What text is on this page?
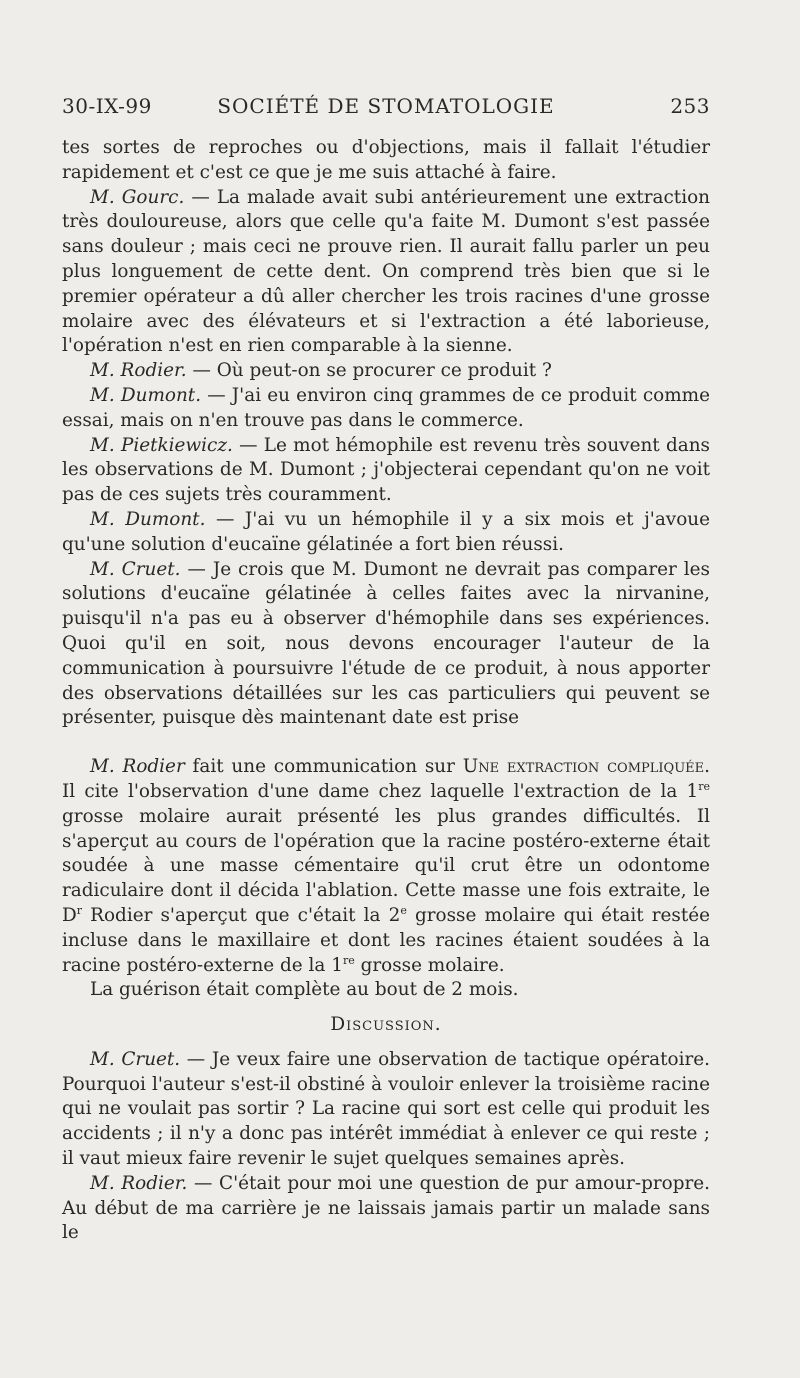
30-IX-99	SOCIÉTÉ DE STOMATOLOGIE	253

tes sortes de reproches ou d'objections, mais il fallait l'étudier rapidement et c'est ce que je me suis attaché à faire.

M. Gourc. — La malade avait subi antérieurement une extraction très douloureuse, alors que celle qu'a faite M. Dumont s'est passée sans douleur ; mais ceci ne prouve rien. Il aurait fallu parler un peu plus longuement de cette dent. On comprend très bien que si le premier opérateur a dû aller chercher les trois racines d'une grosse molaire avec des élévateurs et si l'extraction a été laborieuse, l'opération n'est en rien comparable à la sienne.

M. Rodier. — Où peut-on se procurer ce produit ?

M. Dumont. — J'ai eu environ cinq grammes de ce produit comme essai, mais on n'en trouve pas dans le commerce.

M. Pietkiewicz. — Le mot hémophile est revenu très souvent dans les observations de M. Dumont ; j'objecterai cependant qu'on ne voit pas de ces sujets très couramment.

M. Dumont. — J'ai vu un hémophile il y a six mois et j'avoue qu'une solution d'eucaïne gélatinée a fort bien réussi.

M. Cruet. — Je crois que M. Dumont ne devrait pas comparer les solutions d'eucaïne gélatinée à celles faites avec la nirvanine, puisqu'il n'a pas eu à observer d'hémophile dans ses expériences. Quoi qu'il en soit, nous devons encourager l'auteur de la communication à poursuivre l'étude de ce produit, à nous apporter des observations détaillées sur les cas particuliers qui peuvent se présenter, puisque dès maintenant date est prise

M. Rodier fait une communication sur Une extraction compliquée. Il cite l'observation d'une dame chez laquelle l'extraction de la 1re grosse molaire aurait présenté les plus grandes difficultés. Il s'aperçut au cours de l'opération que la racine postéro-externe était soudée à une masse cémentaire qu'il crut être un odontome radiculaire dont il décida l'ablation. Cette masse une fois extraite, le $D^r$ Rodier s'aperçut que c'était la 2e grosse molaire qui était restée incluse dans le maxillaire et dont les racines étaient soudées à la racine postéro-externe de la 1re grosse molaire.

La guérison était complète au bout de 2 mois.

Discussion.

M. Cruet. — Je veux faire une observation de tactique opératoire. Pourquoi l'auteur s'est-il obstiné à vouloir enlever la troisième racine qui ne voulait pas sortir ? La racine qui sort est celle qui produit les accidents ; il n'y a donc pas intérêt immédiat à enlever ce qui reste ; il vaut mieux faire revenir le sujet quelques semaines après.

M. Rodier. — C'était pour moi une question de pur amour-propre. Au début de ma carrière je ne laissais jamais partir un malade sans le
